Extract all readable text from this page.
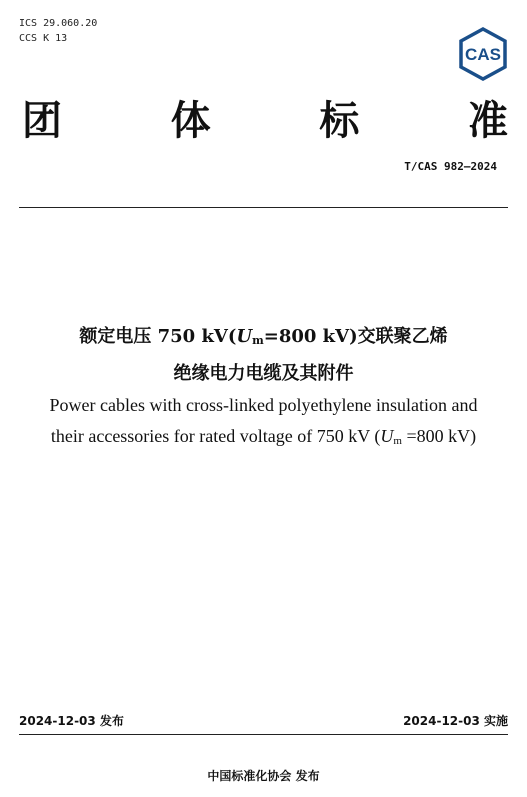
ICS 29.060.20
CCS K 13
CAS
团	体	标	准
T/CAS 982—2024
额定电压 750 kV(Um=800 kV)交联聚乙烯
绝缘电力电缆及其附件
Power cables with cross-linked polyethylene insulation and
their accessories for rated voltage of 750 kV (Um =800 kV)
2024-12-03 发布	2024-12-03 实施
中国标准化协会 发布
